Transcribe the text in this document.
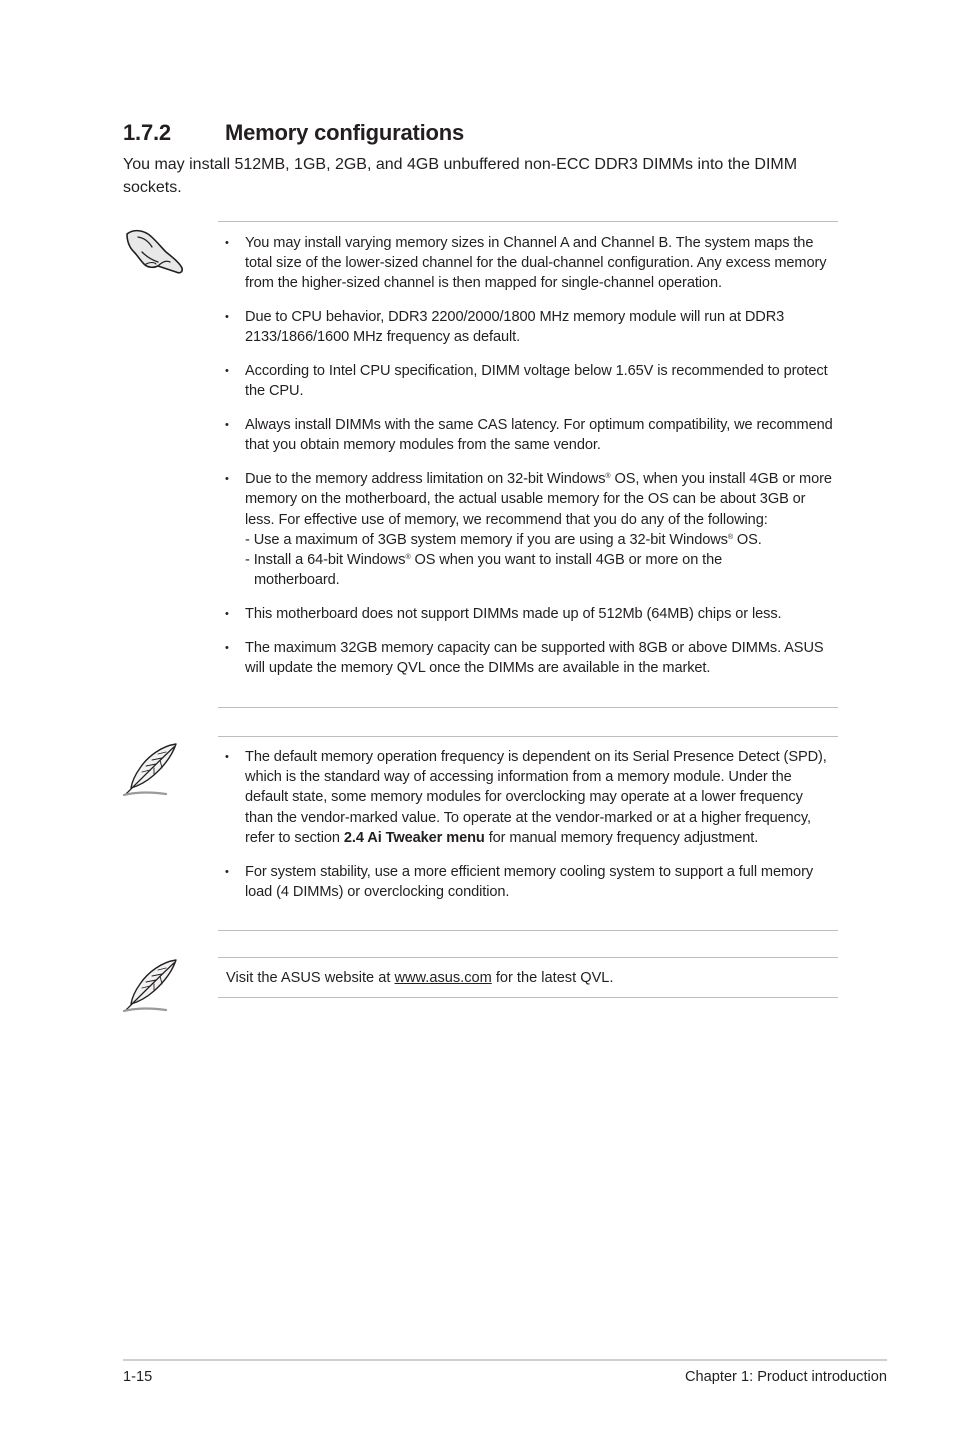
1.7.2 Memory configurations

You may install 512MB, 1GB, 2GB, and 4GB unbuffered non-ECC DDR3 DIMMs into the DIMM sockets.

• You may install varying memory sizes in Channel A and Channel B. The system maps the total size of the lower-sized channel for the dual-channel configuration. Any excess memory from the higher-sized channel is then mapped for single-channel operation.
• Due to CPU behavior, DDR3 2200/2000/1800 MHz memory module will run at DDR3 2133/1866/1600 MHz frequency as default.
• According to Intel CPU specification, DIMM voltage below 1.65V is recommended to protect the CPU.
• Always install DIMMs with the same CAS latency. For optimum compatibility, we recommend that you obtain memory modules from the same vendor.
• Due to the memory address limitation on 32-bit Windows® OS, when you install 4GB or more memory on the motherboard, the actual usable memory for the OS can be about 3GB or less. For effective use of memory, we recommend that you do any of the following:
- Use a maximum of 3GB system memory if you are using a 32-bit Windows® OS.
- Install a 64-bit Windows® OS when you want to install 4GB or more on the
motherboard.
• This motherboard does not support DIMMs made up of 512Mb (64MB) chips or less.
• The maximum 32GB memory capacity can be supported with 8GB or above DIMMs. ASUS will update the memory QVL once the DIMMs are available in the market.
• The default memory operation frequency is dependent on its Serial Presence Detect (SPD), which is the standard way of accessing information from a memory module. Under the default state, some memory modules for overclocking may operate at a lower frequency than the vendor-marked value. To operate at the vendor-marked or at a higher frequency, refer to section 2.4 Ai Tweaker menu for manual memory frequency adjustment.
• For system stability, use a more efficient memory cooling system to support a full memory load (4 DIMMs) or overclocking condition.

Visit the ASUS website at www.asus.com for the latest QVL.

1-15	Chapter 1: Product introduction
